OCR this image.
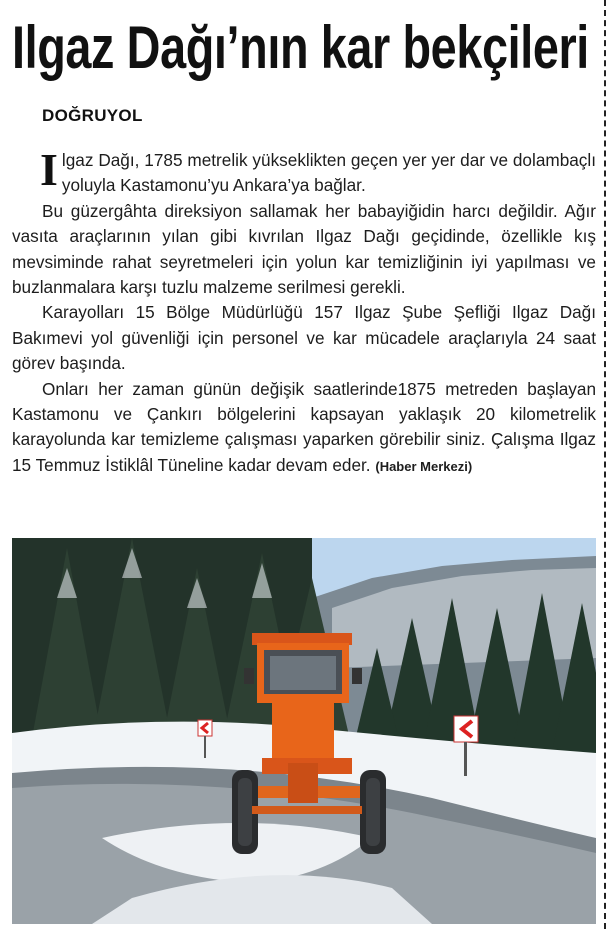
Ilgaz Dağı’nın kar bekçileri
DOĞRUYOL

Ilgaz Dağı, 1785 metrelik yükseklikten geçen yer yer dar ve dolambaçlı yoluyla Kastamonu’yu Ankara’ya bağlar.

Bu güzergâhta direksiyon sallamak her babayiğidin harcı değildir. Ağır vasıta araçlarının yılan gibi kıvrılan Ilgaz Dağı geçidinde, özellikle kış mevsiminde rahat seyretmeleri için yolun kar temizliğinin iyi yapılması ve buzlanmalara karşı tuzlu malzeme serilmesi gerekli.

Karayolları 15 Bölge Müdürlüğü 157 Ilgaz Şube Şefliği Ilgaz Dağı Bakımevi yol güvenliği için personel ve kar mücadele araçlarıyla 24 saat görev başında.

Onları her zaman günün değişik saatlerinde1875 metreden başlayan Kastamonu ve Çankırı bölgelerini kapsayan yaklaşık 20 kilometrelik karayolunda kar temizleme çalışması yaparken görebilir siniz. Çalışma Ilgaz 15 Temmuz İstiklâl Tüneline kadar devam eder. (Haber Merkezi)
